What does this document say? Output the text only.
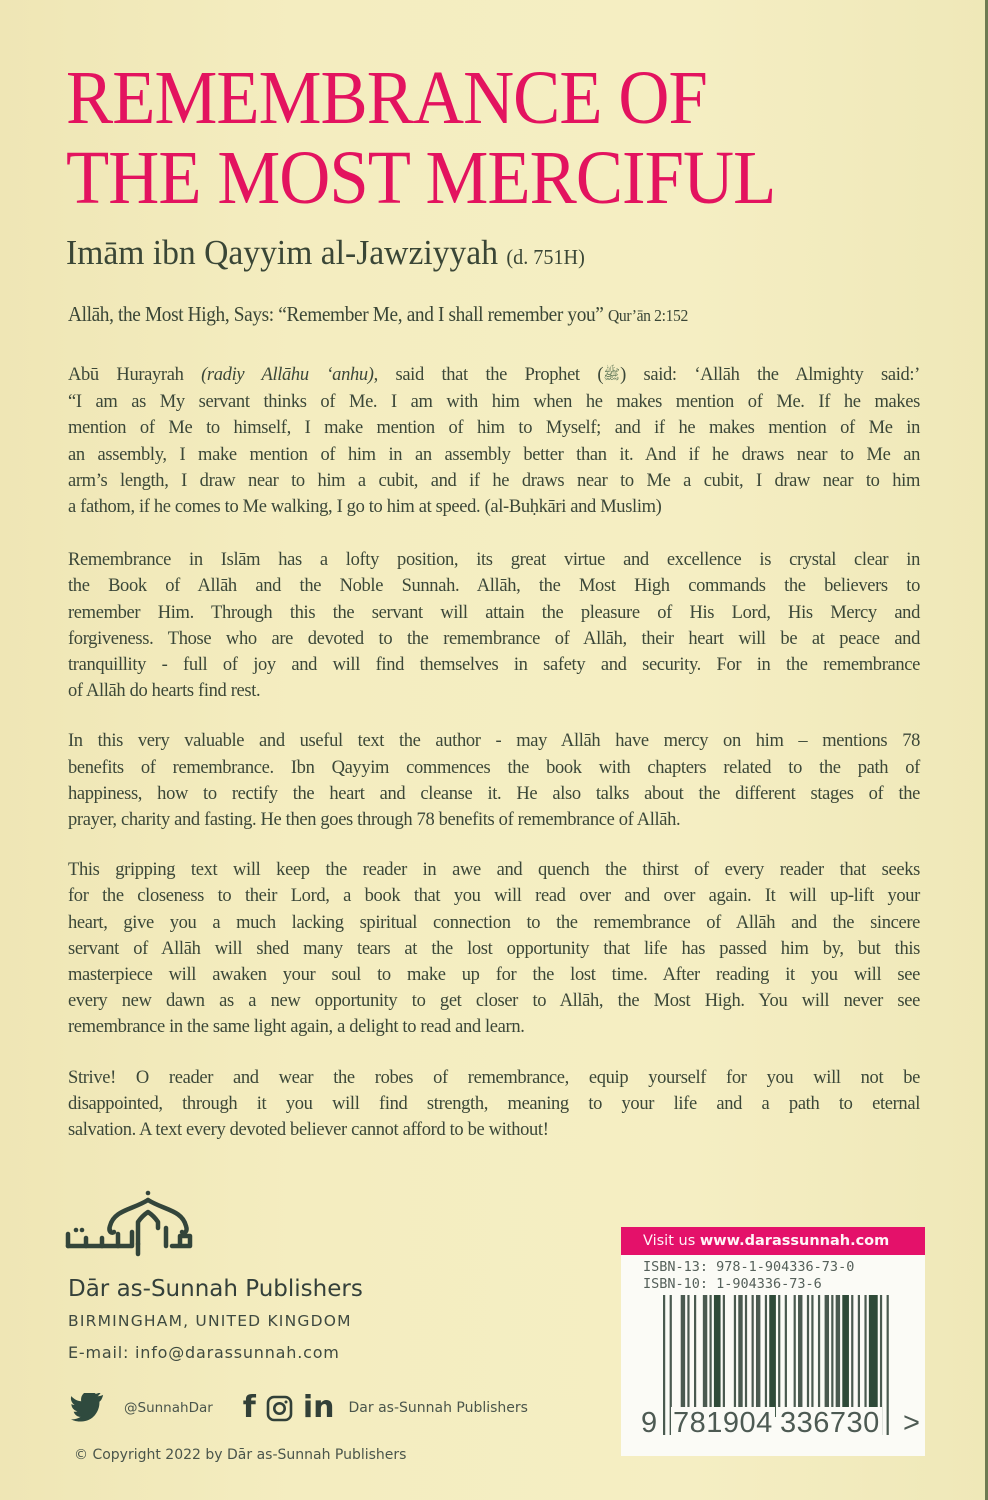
REMEMBRANCE OF
THE MOST MERCIFUL
Imām ibn Qayyim al-Jawziyyah (d. 751H)
Allāh, the Most High, Says: “Remember Me, and I shall remember you” Qur’ān 2:152
Abū Hurayrah (radiy Allāhu ‘anhu), said that the Prophet (ﷺ) said: ‘Allāh the Almighty said:’
“I am as My servant thinks of Me. I am with him when he makes mention of Me. If he makes
mention of Me to himself, I make mention of him to Myself; and if he makes mention of Me in
an assembly, I make mention of him in an assembly better than it. And if he draws near to Me an
arm’s length, I draw near to him a cubit, and if he draws near to Me a cubit, I draw near to him
a fathom, if he comes to Me walking, I go to him at speed. (al-Buḥkāri and Muslim)
Remembrance in Islām has a lofty position, its great virtue and excellence is crystal clear in
the Book of Allāh and the Noble Sunnah. Allāh, the Most High commands the believers to
remember Him. Through this the servant will attain the pleasure of His Lord, His Mercy and
forgiveness. Those who are devoted to the remembrance of Allāh, their heart will be at peace and
tranquillity - full of joy and will find themselves in safety and security. For in the remembrance
of Allāh do hearts find rest.
In this very valuable and useful text the author - may Allāh have mercy on him – mentions 78
benefits of remembrance. Ibn Qayyim commences the book with chapters related to the path of
happiness, how to rectify the heart and cleanse it. He also talks about the different stages of the
prayer, charity and fasting. He then goes through 78 benefits of remembrance of Allāh.
This gripping text will keep the reader in awe and quench the thirst of every reader that seeks
for the closeness to their Lord, a book that you will read over and over again. It will up-lift your
heart, give you a much lacking spiritual connection to the remembrance of Allāh and the sincere
servant of Allāh will shed many tears at the lost opportunity that life has passed him by, but this
masterpiece will awaken your soul to make up for the lost time. After reading it you will see
every new dawn as a new opportunity to get closer to Allāh, the Most High. You will never see
remembrance in the same light again, a delight to read and learn.
Strive! O reader and wear the robes of remembrance, equip yourself for you will not be
disappointed, through it you will find strength, meaning to your life and a path to eternal
salvation. A text every devoted believer cannot afford to be without!
Dār as-Sunnah Publishers
BIRMINGHAM, UNITED KINGDOM
E-mail: info@darassunnah.com
@SunnahDar f in Dar as-Sunnah Publishers
© Copyright 2022 by Dār as-Sunnah Publishers
Visit us www.darassunnah.com
ISBN-13: 978-1-904336-73-0
ISBN-10: 1-904336-73-6
9 781904 336730 >
